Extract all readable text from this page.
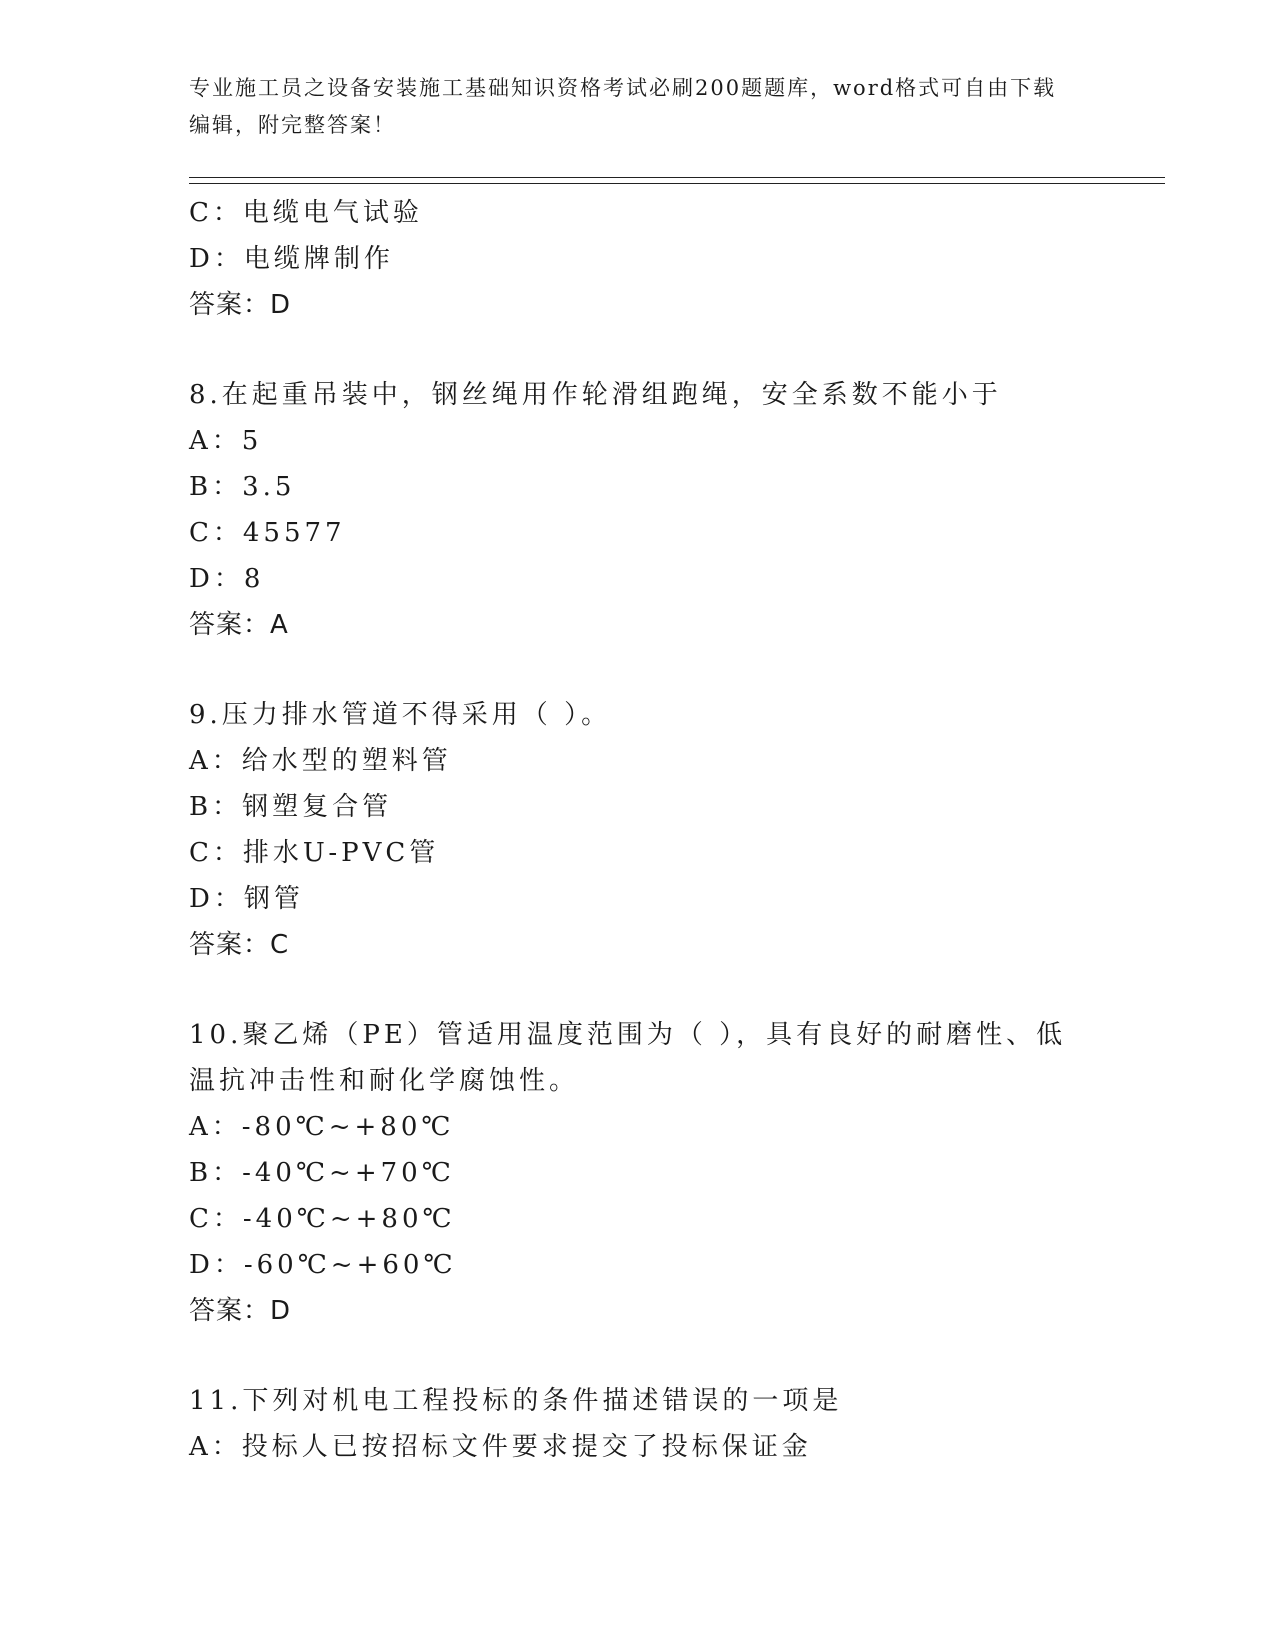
专业施工员之设备安装施工基础知识资格考试必刷200题题库，word格式可自由下载编辑，附完整答案！
C：电缆电气试验
D：电缆牌制作
答案：D
8.在起重吊装中，钢丝绳用作轮滑组跑绳，安全系数不能小于
A：5
B：3.5
C：45577
D：8
答案：A
9.压力排水管道不得采用（ ）。
A：给水型的塑料管
B：钢塑复合管
C：排水U-PVC管
D：钢管
答案：C
10.聚乙烯（PE）管适用温度范围为（ ），具有良好的耐磨性、低温抗冲击性和耐化学腐蚀性。
A：-80℃~+80℃
B：-40℃~+70℃
C：-40℃~+80℃
D：-60℃~+60℃
答案：D
11.下列对机电工程投标的条件描述错误的一项是
A：投标人已按招标文件要求提交了投标保证金
